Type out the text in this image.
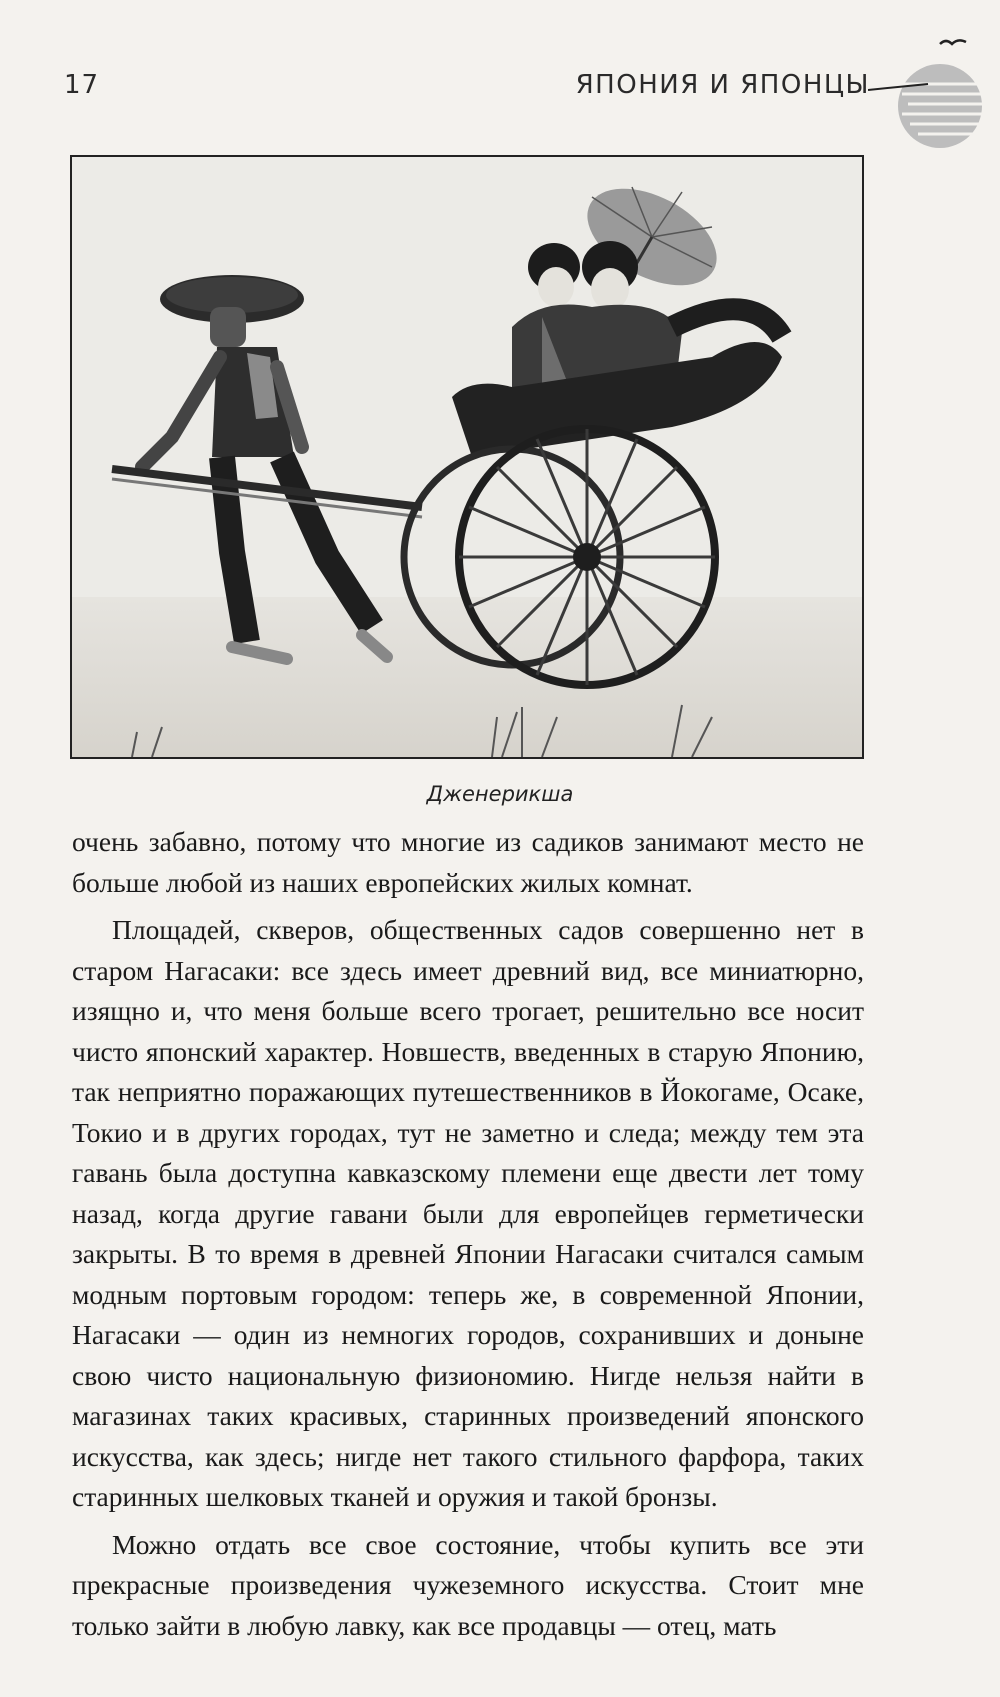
17	ЯПОНИЯ И ЯПОНЦЫ
Дженерикша

очень забавно, потому что многие из садиков занимают место не больше любой из наших европейских жилых комнат.

Площадей, скверов, общественных садов совершенно нет в старом Нагасаки: все здесь имеет древний вид, все миниатюрно, изящно и, что меня больше всего трогает, решительно все носит чисто японский характер. Новшеств, введенных в старую Японию, так неприятно поражающих путешественников в Йокогаме, Осаке, Токио и в других городах, тут не заметно и следа; между тем эта гавань была доступна кавказскому племени еще двести лет тому назад, когда другие гавани были для европейцев герметически закрыты. В то время в древней Японии Нагасаки считался самым модным портовым городом: теперь же, в современной Японии, Нагасаки — один из немногих городов, сохранивших и доныне свою чисто национальную физиономию. Нигде нельзя найти в магазинах таких красивых, старинных произведений японского искусства, как здесь; нигде нет такого стильного фарфора, таких старинных шелковых тканей и оружия и такой бронзы.

Можно отдать все свое состояние, чтобы купить все эти прекрасные произведения чужеземного искусства. Стоит мне только зайти в любую лавку, как все продавцы — отец, мать
